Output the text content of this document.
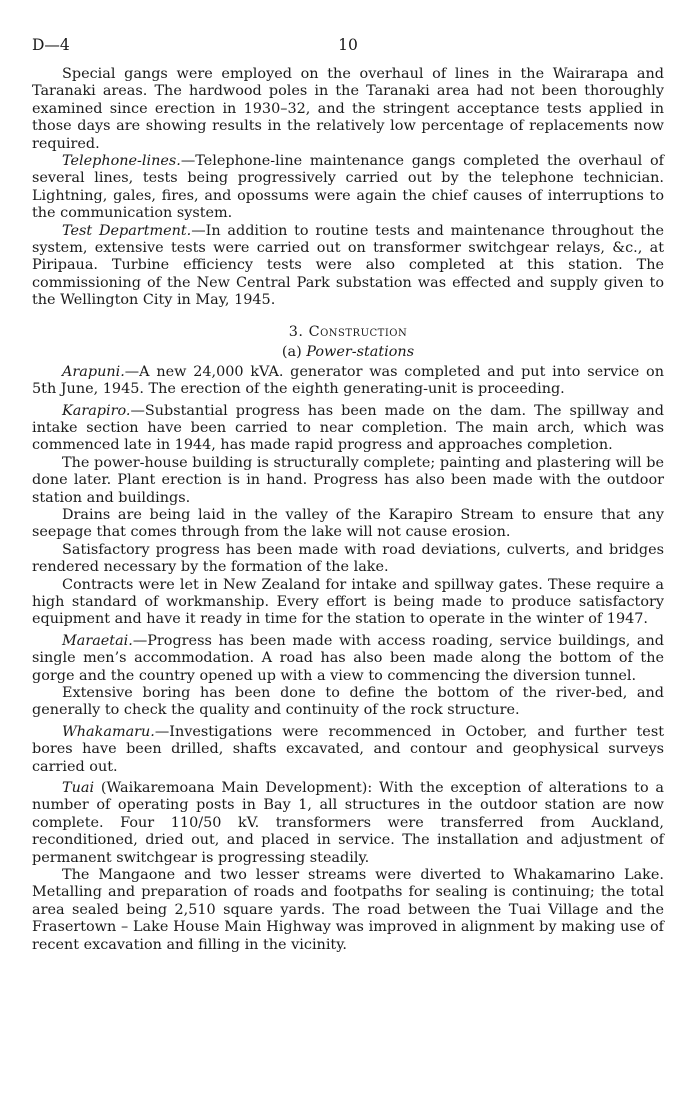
D—4	10

Special gangs were employed on the overhaul of lines in the Wairarapa and Taranaki areas. The hardwood poles in the Taranaki area had not been thoroughly examined since erection in 1930–32, and the stringent acceptance tests applied in those days are showing results in the relatively low percentage of replacements now required.

Telephone-lines.—Telephone-line maintenance gangs completed the overhaul of several lines, tests being progressively carried out by the telephone technician. Lightning, gales, fires, and opossums were again the chief causes of interruptions to the communication system.

Test Department.—In addition to routine tests and maintenance throughout the system, extensive tests were carried out on transformer switchgear relays, &c., at Piripaua. Turbine efficiency tests were also completed at this station. The commissioning of the New Central Park substation was effected and supply given to the Wellington City in May, 1945.

3. Construction
(a) Power-stations

Arapuni.—A new 24,000 kVA. generator was completed and put into service on 5th June, 1945. The erection of the eighth generating-unit is proceeding.

Karapiro.—Substantial progress has been made on the dam. The spillway and intake section have been carried to near completion. The main arch, which was commenced late in 1944, has made rapid progress and approaches completion.

The power-house building is structurally complete; painting and plastering will be done later. Plant erection is in hand. Progress has also been made with the outdoor station and buildings.

Drains are being laid in the valley of the Karapiro Stream to ensure that any seepage that comes through from the lake will not cause erosion.

Satisfactory progress has been made with road deviations, culverts, and bridges rendered necessary by the formation of the lake.

Contracts were let in New Zealand for intake and spillway gates. These require a high standard of workmanship. Every effort is being made to produce satisfactory equipment and have it ready in time for the station to operate in the winter of 1947.

Maraetai.—Progress has been made with access roading, service buildings, and single men’s accommodation. A road has also been made along the bottom of the gorge and the country opened up with a view to commencing the diversion tunnel.

Extensive boring has been done to define the bottom of the river-bed, and generally to check the quality and continuity of the rock structure.

Whakamaru.—Investigations were recommenced in October, and further test bores have been drilled, shafts excavated, and contour and geophysical surveys carried out.

Tuai (Waikaremoana Main Development): With the exception of alterations to a number of operating posts in Bay 1, all structures in the outdoor station are now complete. Four 110/50 kV. transformers were transferred from Auckland, reconditioned, dried out, and placed in service. The installation and adjustment of permanent switchgear is progressing steadily.

The Mangaone and two lesser streams were diverted to Whakamarino Lake. Metalling and preparation of roads and footpaths for sealing is continuing; the total area sealed being 2,510 square yards. The road between the Tuai Village and the Frasertown – Lake House Main Highway was improved in alignment by making use of recent excavation and filling in the vicinity.
